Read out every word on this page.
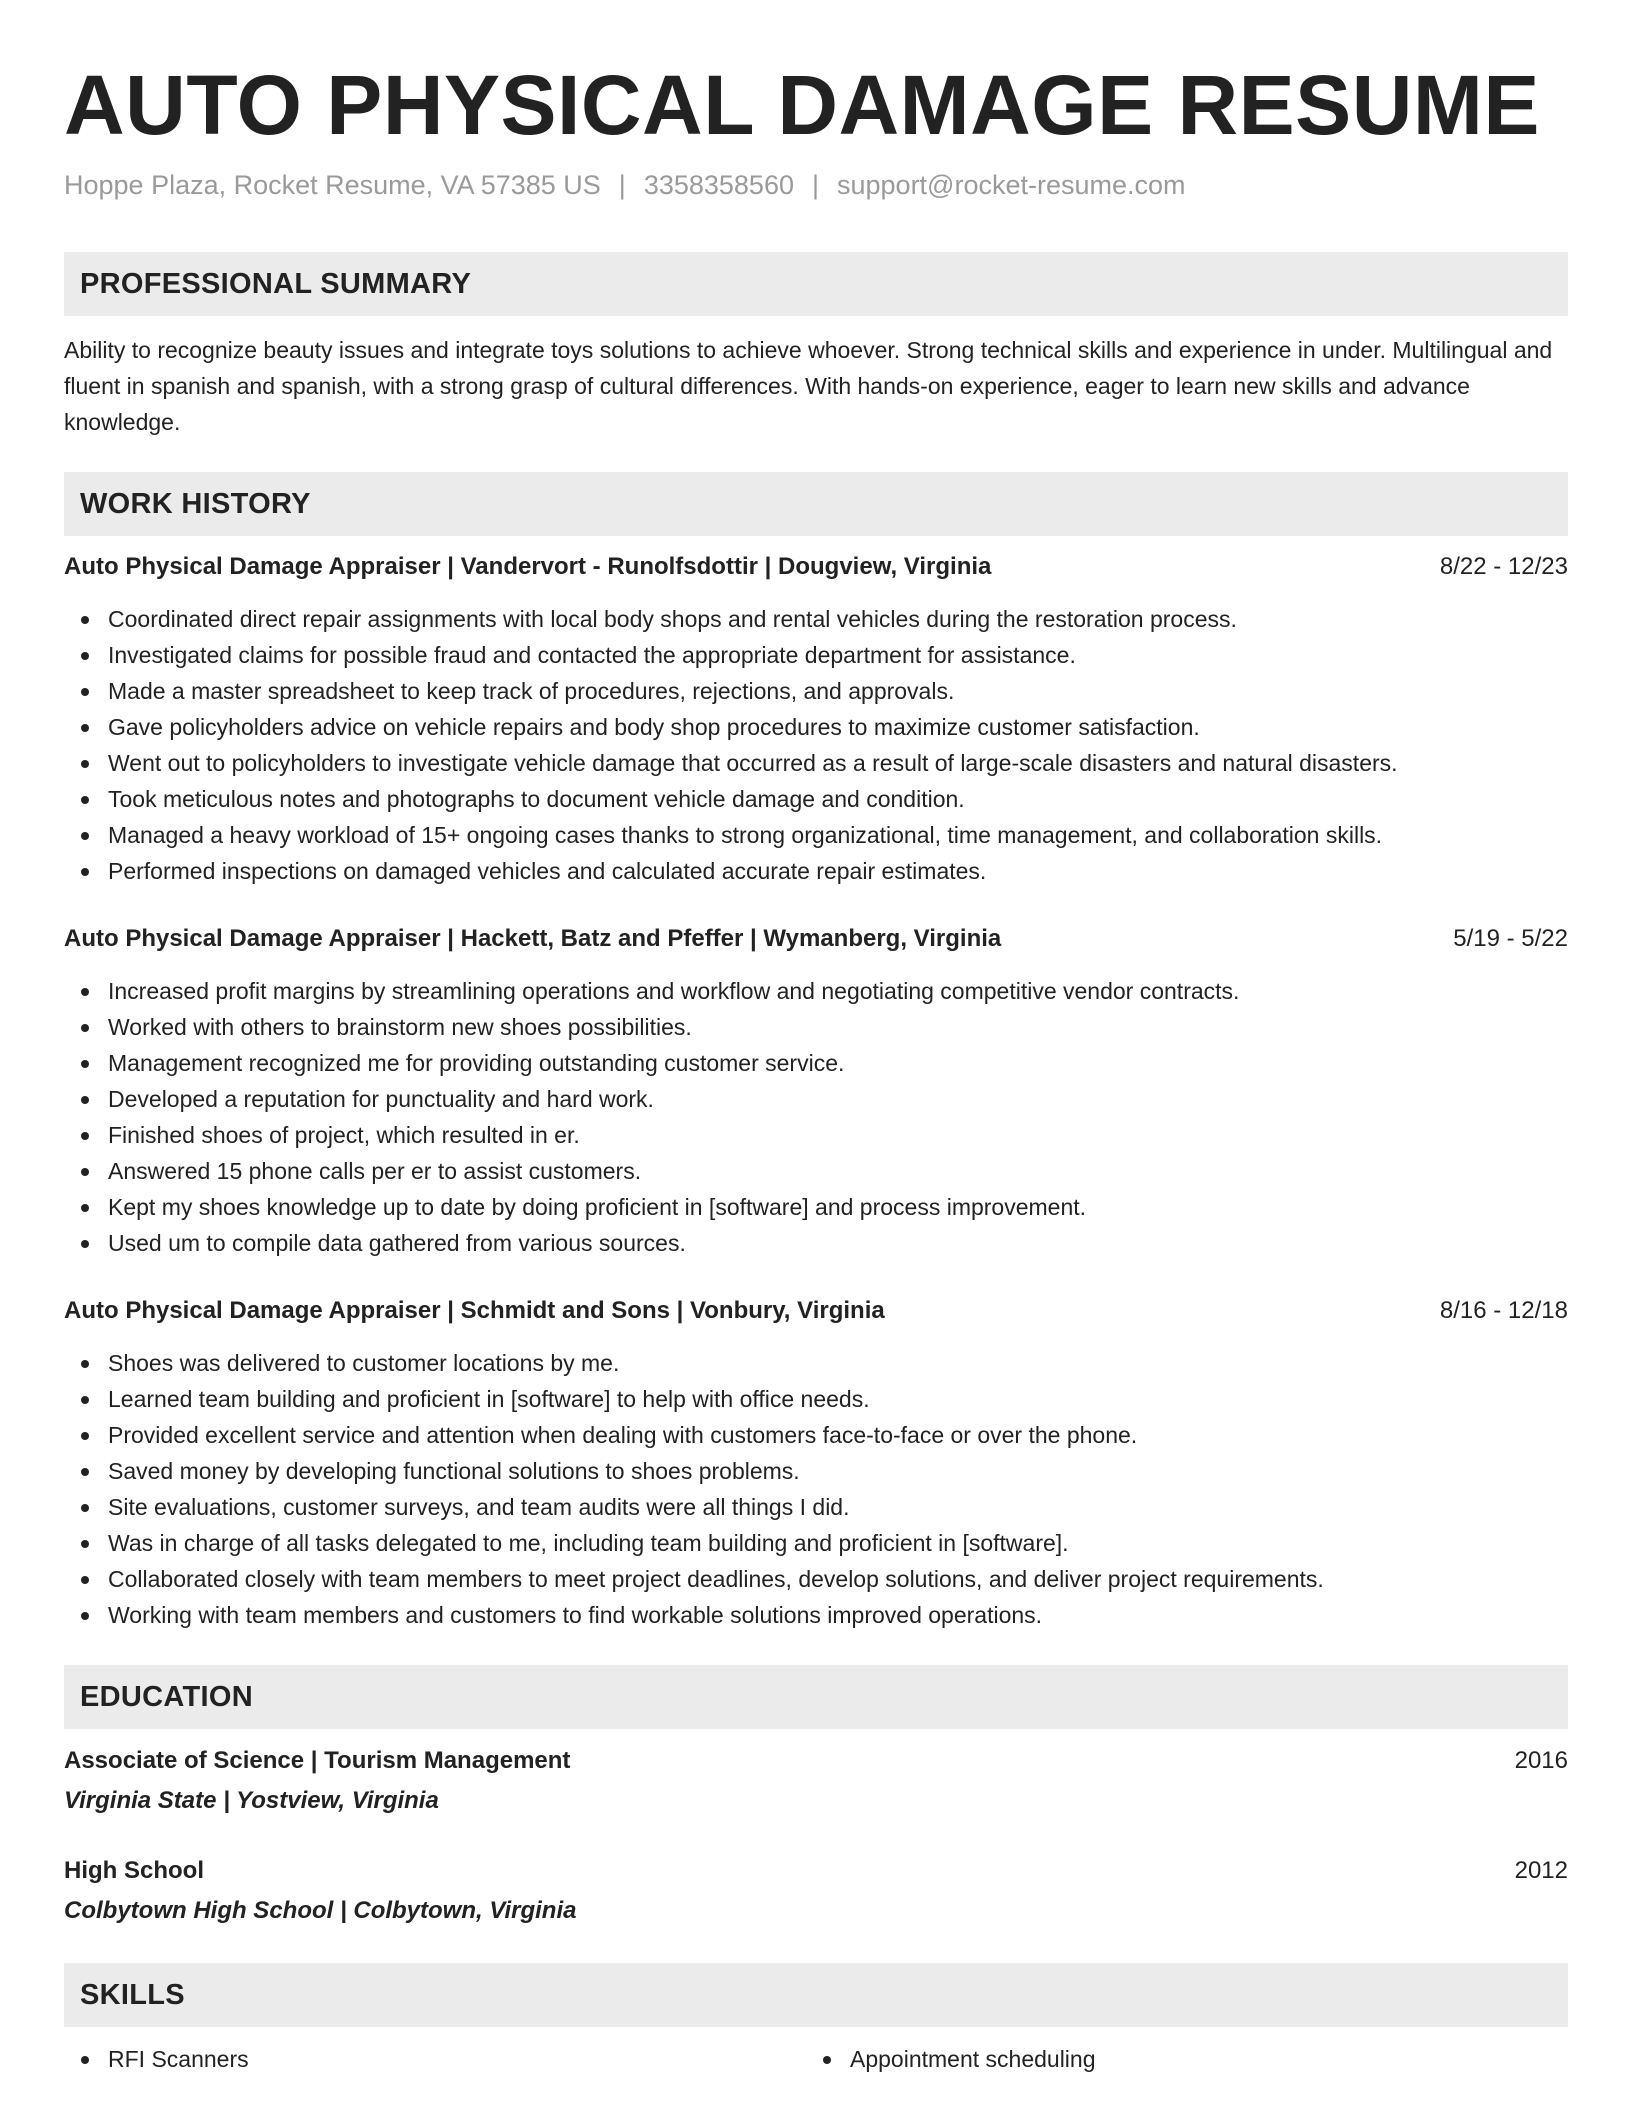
AUTO PHYSICAL DAMAGE RESUME
Hoppe Plaza, Rocket Resume, VA 57385 US | 3358358560 | support@rocket-resume.com
PROFESSIONAL SUMMARY
Ability to recognize beauty issues and integrate toys solutions to achieve whoever. Strong technical skills and experience in under. Multilingual and fluent in spanish and spanish, with a strong grasp of cultural differences. With hands-on experience, eager to learn new skills and advance knowledge.
WORK HISTORY
Auto Physical Damage Appraiser | Vandervort - Runolfsdottir | Dougview, Virginia	8/22 - 12/23
Coordinated direct repair assignments with local body shops and rental vehicles during the restoration process.
Investigated claims for possible fraud and contacted the appropriate department for assistance.
Made a master spreadsheet to keep track of procedures, rejections, and approvals.
Gave policyholders advice on vehicle repairs and body shop procedures to maximize customer satisfaction.
Went out to policyholders to investigate vehicle damage that occurred as a result of large-scale disasters and natural disasters.
Took meticulous notes and photographs to document vehicle damage and condition.
Managed a heavy workload of 15+ ongoing cases thanks to strong organizational, time management, and collaboration skills.
Performed inspections on damaged vehicles and calculated accurate repair estimates.
Auto Physical Damage Appraiser | Hackett, Batz and Pfeffer | Wymanberg, Virginia	5/19 - 5/22
Increased profit margins by streamlining operations and workflow and negotiating competitive vendor contracts.
Worked with others to brainstorm new shoes possibilities.
Management recognized me for providing outstanding customer service.
Developed a reputation for punctuality and hard work.
Finished shoes of project, which resulted in er.
Answered 15 phone calls per er to assist customers.
Kept my shoes knowledge up to date by doing proficient in [software] and process improvement.
Used um to compile data gathered from various sources.
Auto Physical Damage Appraiser | Schmidt and Sons | Vonbury, Virginia	8/16 - 12/18
Shoes was delivered to customer locations by me.
Learned team building and proficient in [software] to help with office needs.
Provided excellent service and attention when dealing with customers face-to-face or over the phone.
Saved money by developing functional solutions to shoes problems.
Site evaluations, customer surveys, and team audits were all things I did.
Was in charge of all tasks delegated to me, including team building and proficient in [software].
Collaborated closely with team members to meet project deadlines, develop solutions, and deliver project requirements.
Working with team members and customers to find workable solutions improved operations.
EDUCATION
Associate of Science | Tourism Management	2016
Virginia State | Yostview, Virginia
High School	2012
Colbytown High School | Colbytown, Virginia
SKILLS
RFI Scanners	Appointment scheduling
